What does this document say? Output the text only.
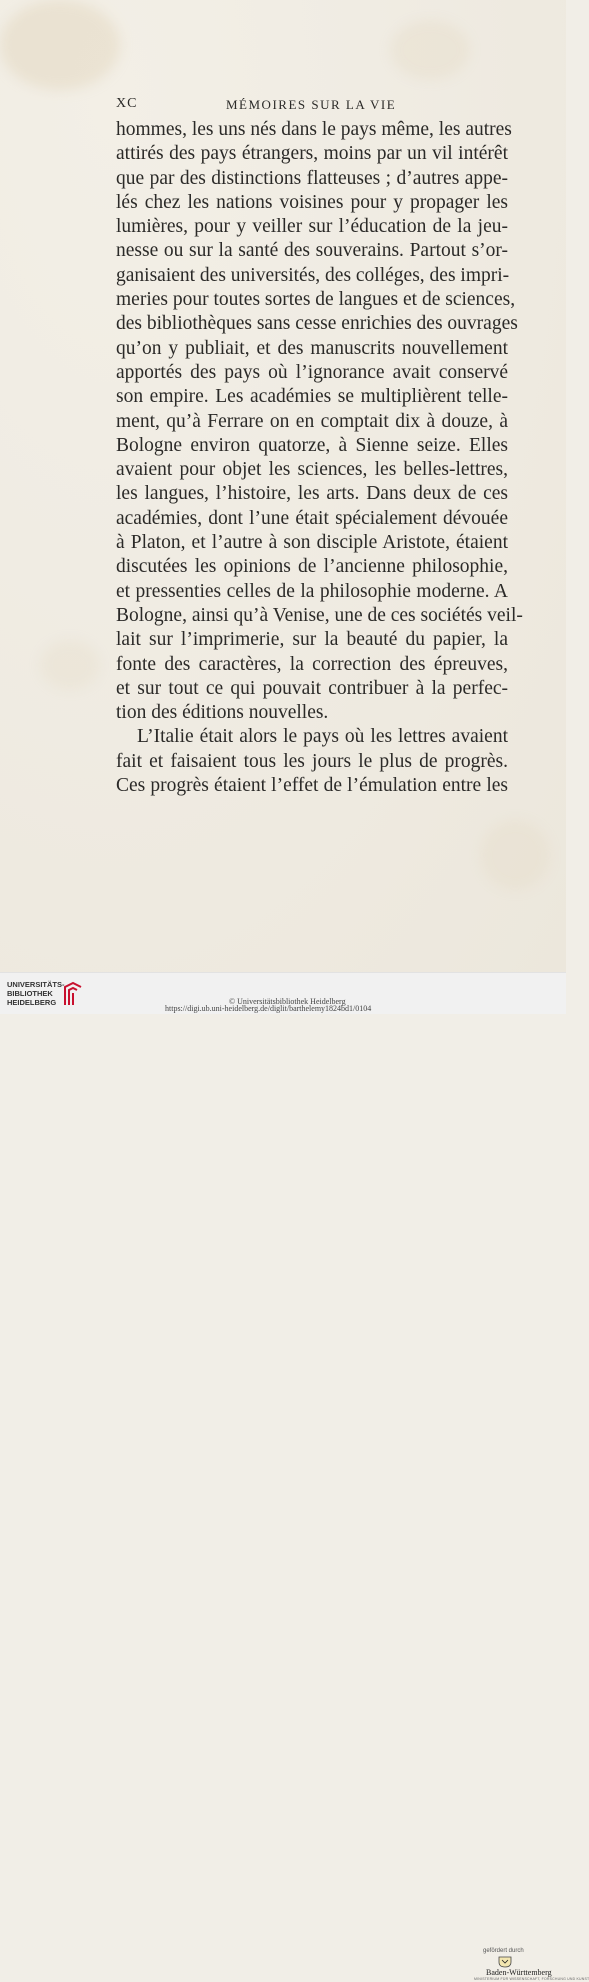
XC	MÉMOIRES SUR LA VIE
hommes, les uns nés dans le pays même, les autres
attirés des pays étrangers, moins par un vil intérêt
que par des distinctions flatteuses ; d’autres appe-
lés chez les nations voisines pour y propager les
lumières, pour y veiller sur l’éducation de la jeu-
nesse ou sur la santé des souverains. Partout s’or-
ganisaient des universités, des colléges, des impri-
meries pour toutes sortes de langues et de sciences,
des bibliothèques sans cesse enrichies des ouvrages
qu’on y publiait, et des manuscrits nouvellement
apportés des pays où l’ignorance avait conservé
son empire. Les académies se multiplièrent telle-
ment, qu’à Ferrare on en comptait dix à douze, à
Bologne environ quatorze, à Sienne seize. Elles
avaient pour objet les sciences, les belles-lettres,
les langues, l’histoire, les arts. Dans deux de ces
académies, dont l’une était spécialement dévouée
à Platon, et l’autre à son disciple Aristote, étaient
discutées les opinions de l’ancienne philosophie,
et pressenties celles de la philosophie moderne. A
Bologne, ainsi qu’à Venise, une de ces sociétés veil-
lait sur l’imprimerie, sur la beauté du papier, la
fonte des caractères, la correction des épreuves,
et sur tout ce qui pouvait contribuer à la perfec-
tion des éditions nouvelles.
L’Italie était alors le pays où les lettres avaient
fait et faisaient tous les jours le plus de progrès.
Ces progrès étaient l’effet de l’émulation entre les
UNIVERSITÄTS-
BIBLIOTHEK
HEIDELBERG
gefördert durch
Baden-Württemberg
MINISTERIUM FÜR WISSENSCHAFT, FORSCHUNG UND KUNST
© Universitätsbibliothek Heidelberg
https://digi.ub.uni-heidelberg.de/diglit/barthelemy1824bd1/0104
